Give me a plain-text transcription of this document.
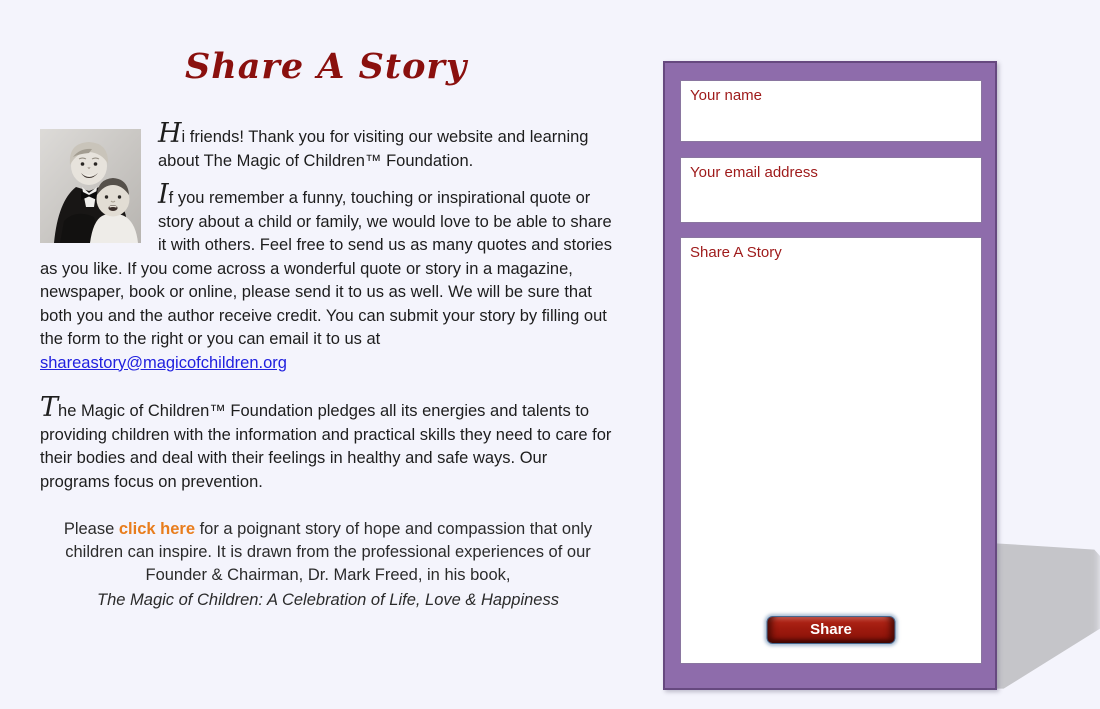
Share A Story

Hi friends! Thank you for visiting our website and learning about The Magic of Children™ Foundation.

If you remember a funny, touching or inspirational quote or story about a child or family, we would love to be able to share it with others. Feel free to send us as many quotes and stories as you like. If you come across a wonderful quote or story in a magazine, newspaper, book or online, please send it to us as well. We will be sure that both you and the author receive credit. You can submit your story by filling out the form to the right or you can email it to us at shareastory@magicofchildren.org

The Magic of Children™ Foundation pledges all its energies and talents to providing children with the information and practical skills they need to care for their bodies and deal with their feelings in healthy and safe ways. Our programs focus on prevention.

Please click here for a poignant story of hope and compassion that only children can inspire. It is drawn from the professional experiences of our Founder & Chairman, Dr. Mark Freed, in his book,
The Magic of Children: A Celebration of Life, Love & Happiness
Your name
Your email address
Share A Story
Share
